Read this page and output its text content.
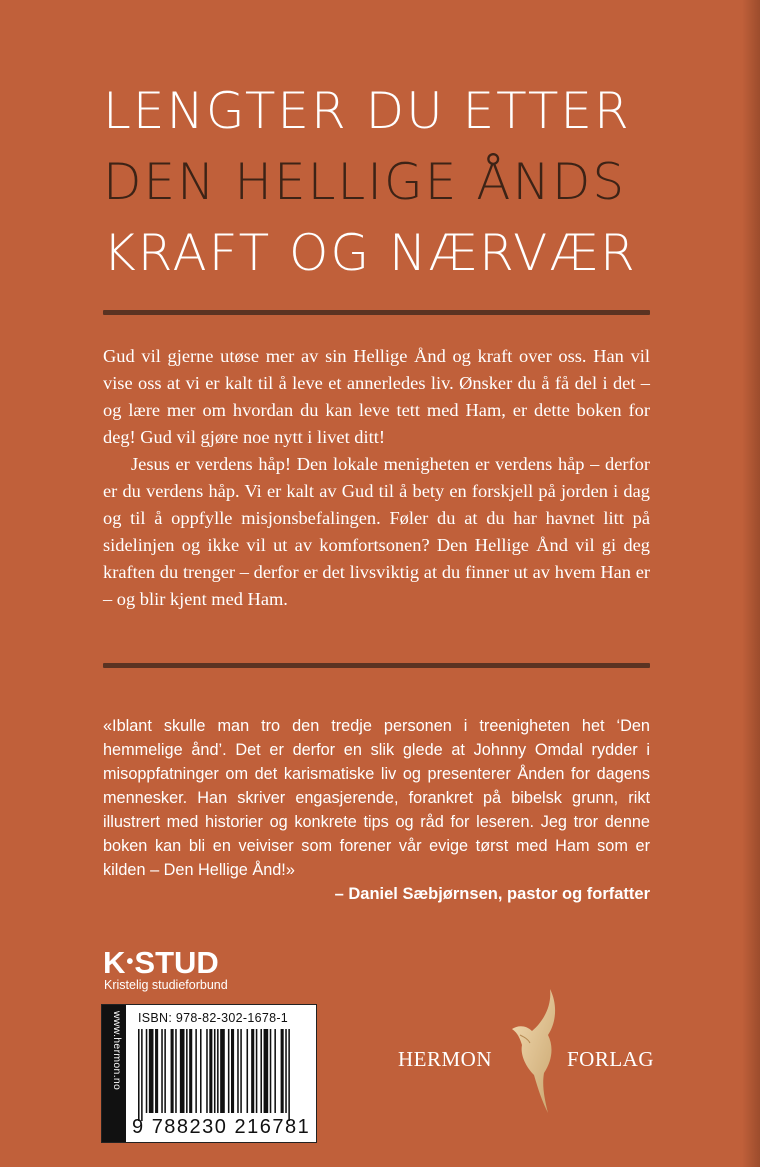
LENGTER DU ETTER
DEN HELLIGE ÅNDS
KRAFT OG NÆRVÆR

Gud vil gjerne utøse mer av sin Hellige Ånd og kraft over oss. Han vil vise oss at vi er kalt til å leve et annerledes liv. Ønsker du å få del i det – og lære mer om hvordan du kan leve tett med Ham, er dette boken for deg! Gud vil gjøre noe nytt i livet ditt!

Jesus er verdens håp! Den lokale menigheten er verdens håp – derfor er du verdens håp. Vi er kalt av Gud til å bety en forskjell på jorden i dag og til å oppfylle misjonsbefalingen. Føler du at du har havnet litt på sidelinjen og ikke vil ut av komfortsonen? Den Hellige Ånd vil gi deg kraften du trenger – derfor er det livsviktig at du finner ut av hvem Han er – og blir kjent med Ham.

«Iblant skulle man tro den tredje personen i treenigheten het ‘Den hemmelige ånd’. Det er derfor en slik glede at Johnny Omdal rydder i misoppfatninger om det karismatiske liv og presenterer Ånden for dagens mennesker. Han skriver engasjerende, forankret på bibelsk grunn, rikt illustrert med historier og konkrete tips og råd for leseren. Jeg tror denne boken kan bli en veiviser som forener vår evige tørst med Ham som er kilden – Den Hellige Ånd!»

– Daniel Sæbjørnsen, pastor og forfatter
K•STUD
Kristelig studieforbund
www.hermon.no ISBN: 978-82-302-1678-1
9 788230 216781
HERMON	FORLAG
